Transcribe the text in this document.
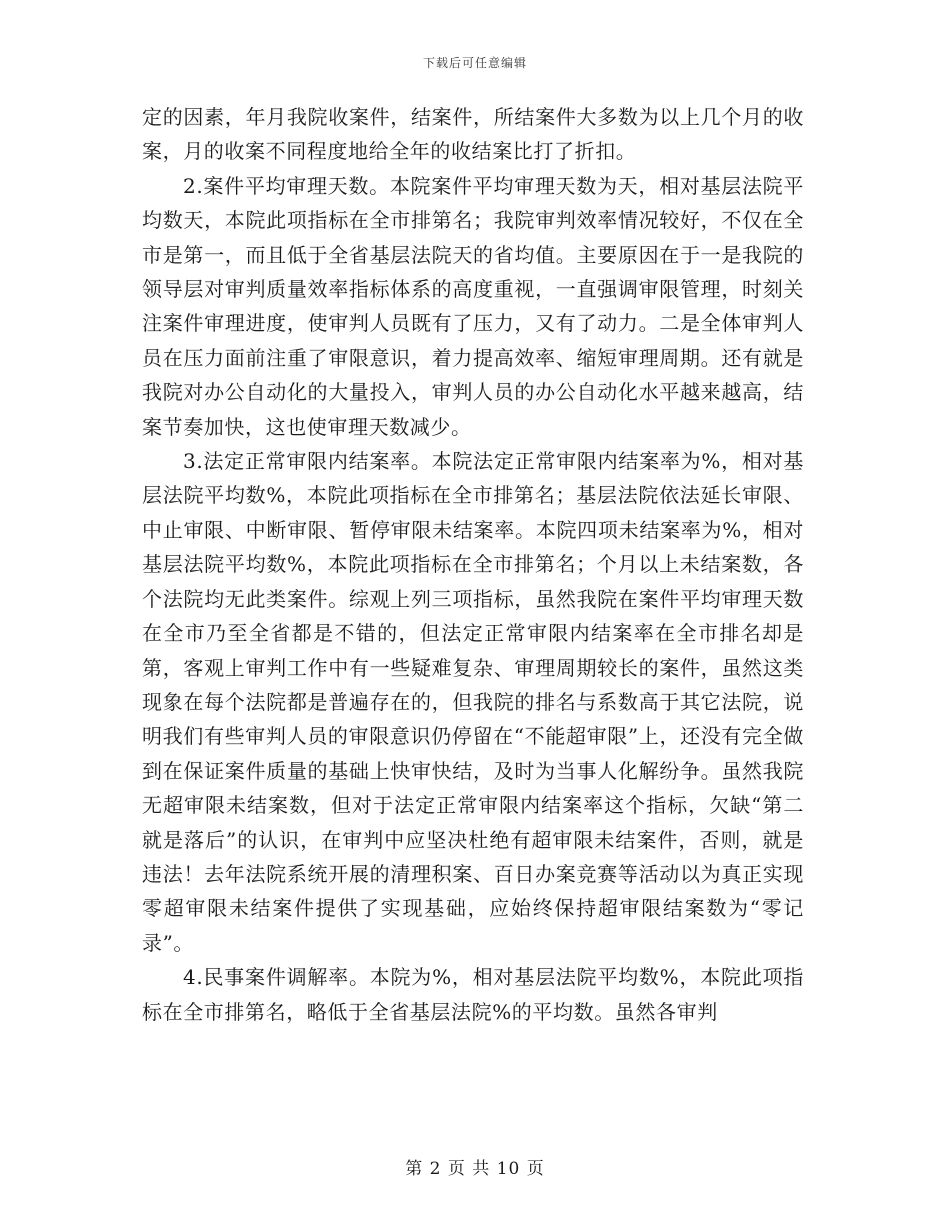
下载后可任意编辑

定的因素，年月我院收案件，结案件，所结案件大多数为以上几个月的收案，月的收案不同程度地给全年的收结案比打了折扣。

2.案件平均审理天数。本院案件平均审理天数为天，相对基层法院平均数天，本院此项指标在全市排第名；我院审判效率情况较好，不仅在全市是第一，而且低于全省基层法院天的省均值。主要原因在于一是我院的领导层对审判质量效率指标体系的高度重视，一直强调审限管理，时刻关注案件审理进度，使审判人员既有了压力，又有了动力。二是全体审判人员在压力面前注重了审限意识，着力提高效率、缩短审理周期。还有就是我院对办公自动化的大量投入，审判人员的办公自动化水平越来越高，结案节奏加快，这也使审理天数减少。

3.法定正常审限内结案率。本院法定正常审限内结案率为%，相对基层法院平均数%，本院此项指标在全市排第名；基层法院依法延长审限、中止审限、中断审限、暂停审限未结案率。本院四项未结案率为%，相对基层法院平均数%，本院此项指标在全市排第名；个月以上未结案数，各个法院均无此类案件。综观上列三项指标，虽然我院在案件平均审理天数在全市乃至全省都是不错的，但法定正常审限内结案率在全市排名却是第，客观上审判工作中有一些疑难复杂、审理周期较长的案件，虽然这类现象在每个法院都是普遍存在的，但我院的排名与系数高于其它法院，说明我们有些审判人员的审限意识仍停留在“不能超审限”上，还没有完全做到在保证案件质量的基础上快审快结，及时为当事人化解纷争。虽然我院无超审限未结案数，但对于法定正常审限内结案率这个指标，欠缺“第二就是落后”的认识，在审判中应坚决杜绝有超审限未结案件，否则，就是违法！去年法院系统开展的清理积案、百日办案竞赛等活动以为真正实现零超审限未结案件提供了实现基础，应始终保持超审限结案数为“零记录”。

4.民事案件调解率。本院为%，相对基层法院平均数%，本院此项指标在全市排第名，略低于全省基层法院%的平均数。虽然各审判

第 2 页 共 10 页
